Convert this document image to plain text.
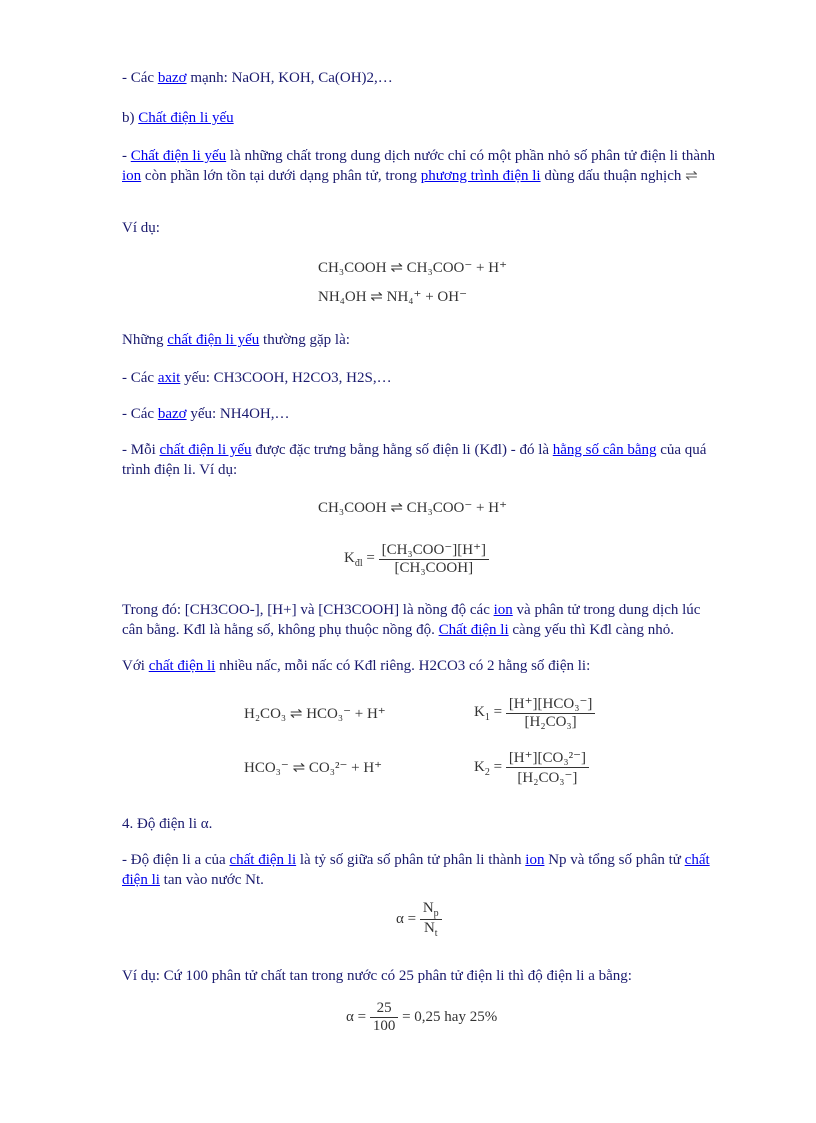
- Các bazơ mạnh: NaOH, KOH, Ca(OH)2,…
b) Chất điện li yếu
- Chất điện li yếu là những chất trong dung dịch nước chỉ có một phần nhỏ số phân tử điện li thành ion còn phần lớn tồn tại dưới dạng phân tử, trong phương trình điện li dùng dấu thuận nghịch ⇌
Ví dụ:
CH₃COOH ⇌ CH₃COO⁻ + H⁺
NH₄OH ⇌ NH₄⁺ + OH⁻
Những chất điện li yếu thường gặp là:
- Các axit yếu: CH3COOH, H2CO3, H2S,…
- Các bazơ yếu: NH4OH,…
- Mỗi chất điện li yếu được đặc trưng bằng hằng số điện li (Kđl) - đó là hằng số cân bằng của quá trình điện li. Ví dụ:
CH₃COOH ⇌ CH₃COO⁻ + H⁺
$K_{đl} = \frac{\text{[CH₃COO⁻][H⁺]}}{\text{[CH₃COOH]}}$
Trong đó: [CH3COO-], [H+] và [CH3COOH] là nồng độ các ion và phân tử trong dung dịch lúc cân bằng. Kđl là hằng số, không phụ thuộc nồng độ. Chất điện li càng yếu thì Kđl càng nhỏ.
Với chất điện li nhiều nấc, mỗi nấc có Kđl riêng. H2CO3 có 2 hằng số điện li:
H₂CO₃ ⇌ HCO₃⁻ + H⁺	$K_1 = \frac{\text{[H⁺][HCO₃⁻]}}{\text{[H₂CO₃]}}$
HCO₃⁻ ⇌ CO₃²⁻ + H⁺	$K_2 = \frac{\text{[H⁺][CO₃²⁻]}}{\text{[H₂CO₃⁻]}}$
4. Độ điện li α.
- Độ điện li a của chất điện li là tỷ số giữa số phân tử phân li thành ion Np và tổng số phân tử chất điện li tan vào nước Nt.
$\alpha = \frac{N_p}{N_t}$
Ví dụ: Cứ 100 phân tử chất tan trong nước có 25 phân tử điện li thì độ điện li a bằng:
$\alpha = \frac{25}{100} = 0,25$ hay 25%
